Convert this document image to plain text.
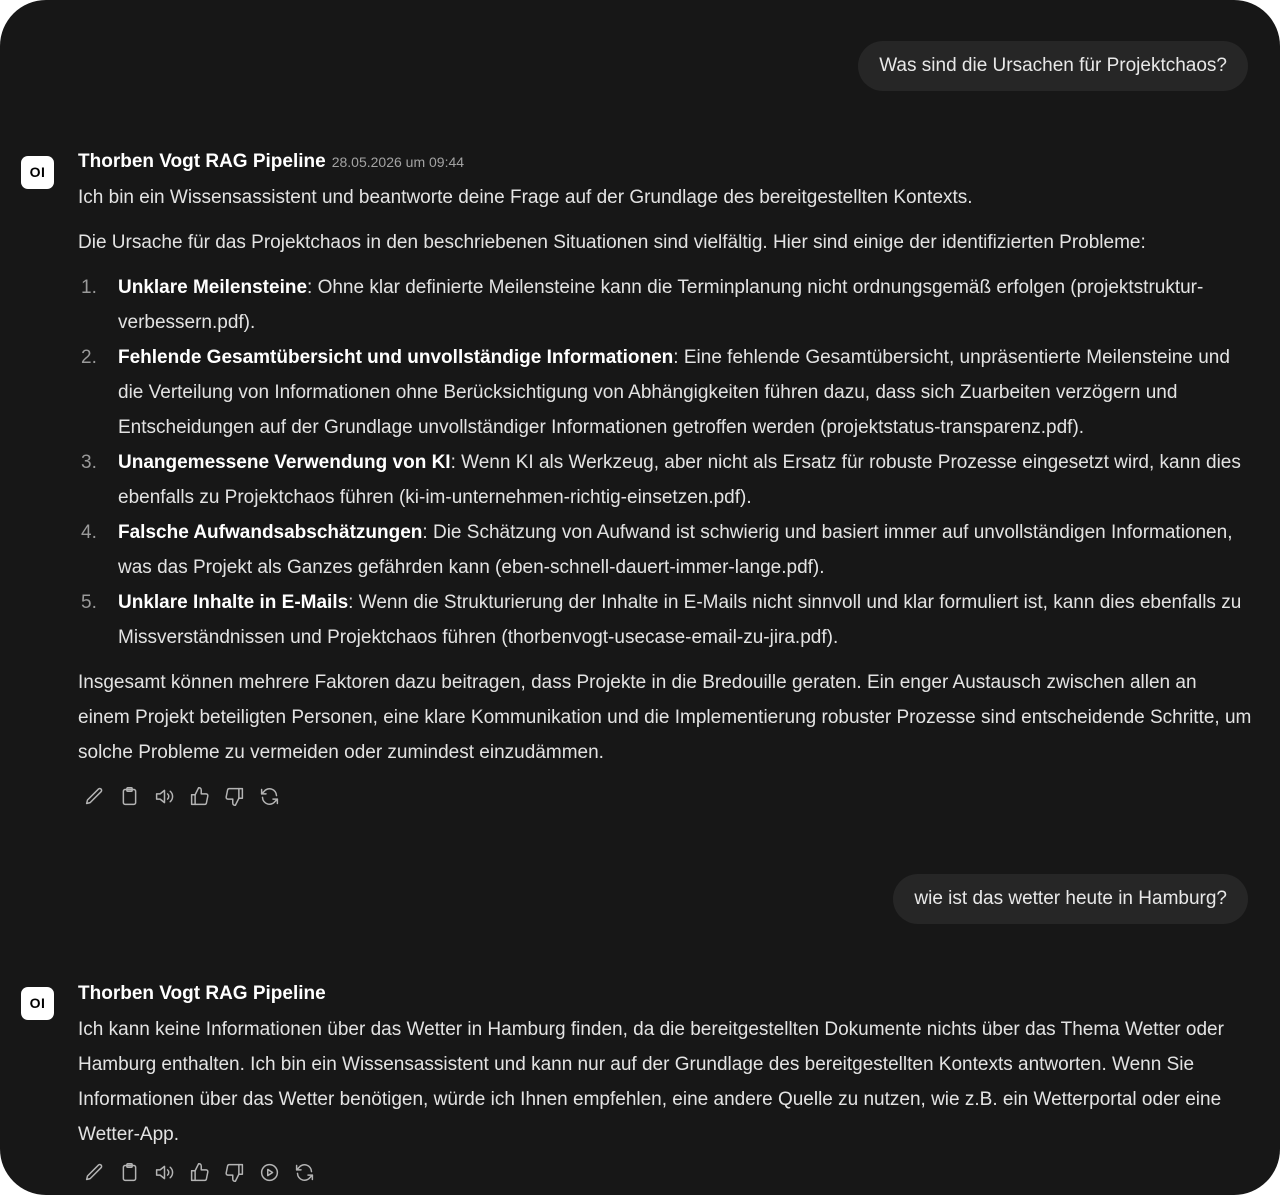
Was sind die Ursachen für Projektchaos?
OI	Thorben Vogt RAG Pipeline 28.05.2026 um 09:44

Ich bin ein Wissensassistent und beantworte deine Frage auf der Grundlage des bereitgestellten Kontexts.

Die Ursache für das Projektchaos in den beschriebenen Situationen sind vielfältig. Hier sind einige der identifizierten Probleme:

1. Unklare Meilensteine: Ohne klar definierte Meilensteine kann die Terminplanung nicht ordnungsgemäß erfolgen (projektstruktur-verbessern.pdf).
2. Fehlende Gesamtübersicht und unvollständige Informationen: Eine fehlende Gesamtübersicht, unpräsentierte Meilensteine und die Verteilung von Informationen ohne Berücksichtigung von Abhängigkeiten führen dazu, dass sich Zuarbeiten verzögern und Entscheidungen auf der Grundlage unvollständiger Informationen getroffen werden (projektstatus-transparenz.pdf).
3. Unangemessene Verwendung von KI: Wenn KI als Werkzeug, aber nicht als Ersatz für robuste Prozesse eingesetzt wird, kann dies ebenfalls zu Projektchaos führen (ki-im-unternehmen-richtig-einsetzen.pdf).
4. Falsche Aufwandsabschätzungen: Die Schätzung von Aufwand ist schwierig und basiert immer auf unvollständigen Informationen, was das Projekt als Ganzes gefährden kann (eben-schnell-dauert-immer-lange.pdf).
5. Unklare Inhalte in E-Mails: Wenn die Strukturierung der Inhalte in E-Mails nicht sinnvoll und klar formuliert ist, kann dies ebenfalls zu Missverständnissen und Projektchaos führen (thorbenvogt-usecase-email-zu-jira.pdf).

Insgesamt können mehrere Faktoren dazu beitragen, dass Projekte in die Bredouille geraten. Ein enger Austausch zwischen allen an einem Projekt beteiligten Personen, eine klare Kommunikation und die Implementierung robuster Prozesse sind entscheidende Schritte, um solche Probleme zu vermeiden oder zumindest einzudämmen.

wie ist das wetter heute in Hamburg?
OI	Thorben Vogt RAG Pipeline

Ich kann keine Informationen über das Wetter in Hamburg finden, da die bereitgestellten Dokumente nichts über das Thema Wetter oder Hamburg enthalten. Ich bin ein Wissensassistent und kann nur auf der Grundlage des bereitgestellten Kontexts antworten. Wenn Sie Informationen über das Wetter benötigen, würde ich Ihnen empfehlen, eine andere Quelle zu nutzen, wie z.B. ein Wetterportal oder eine Wetter-App.
